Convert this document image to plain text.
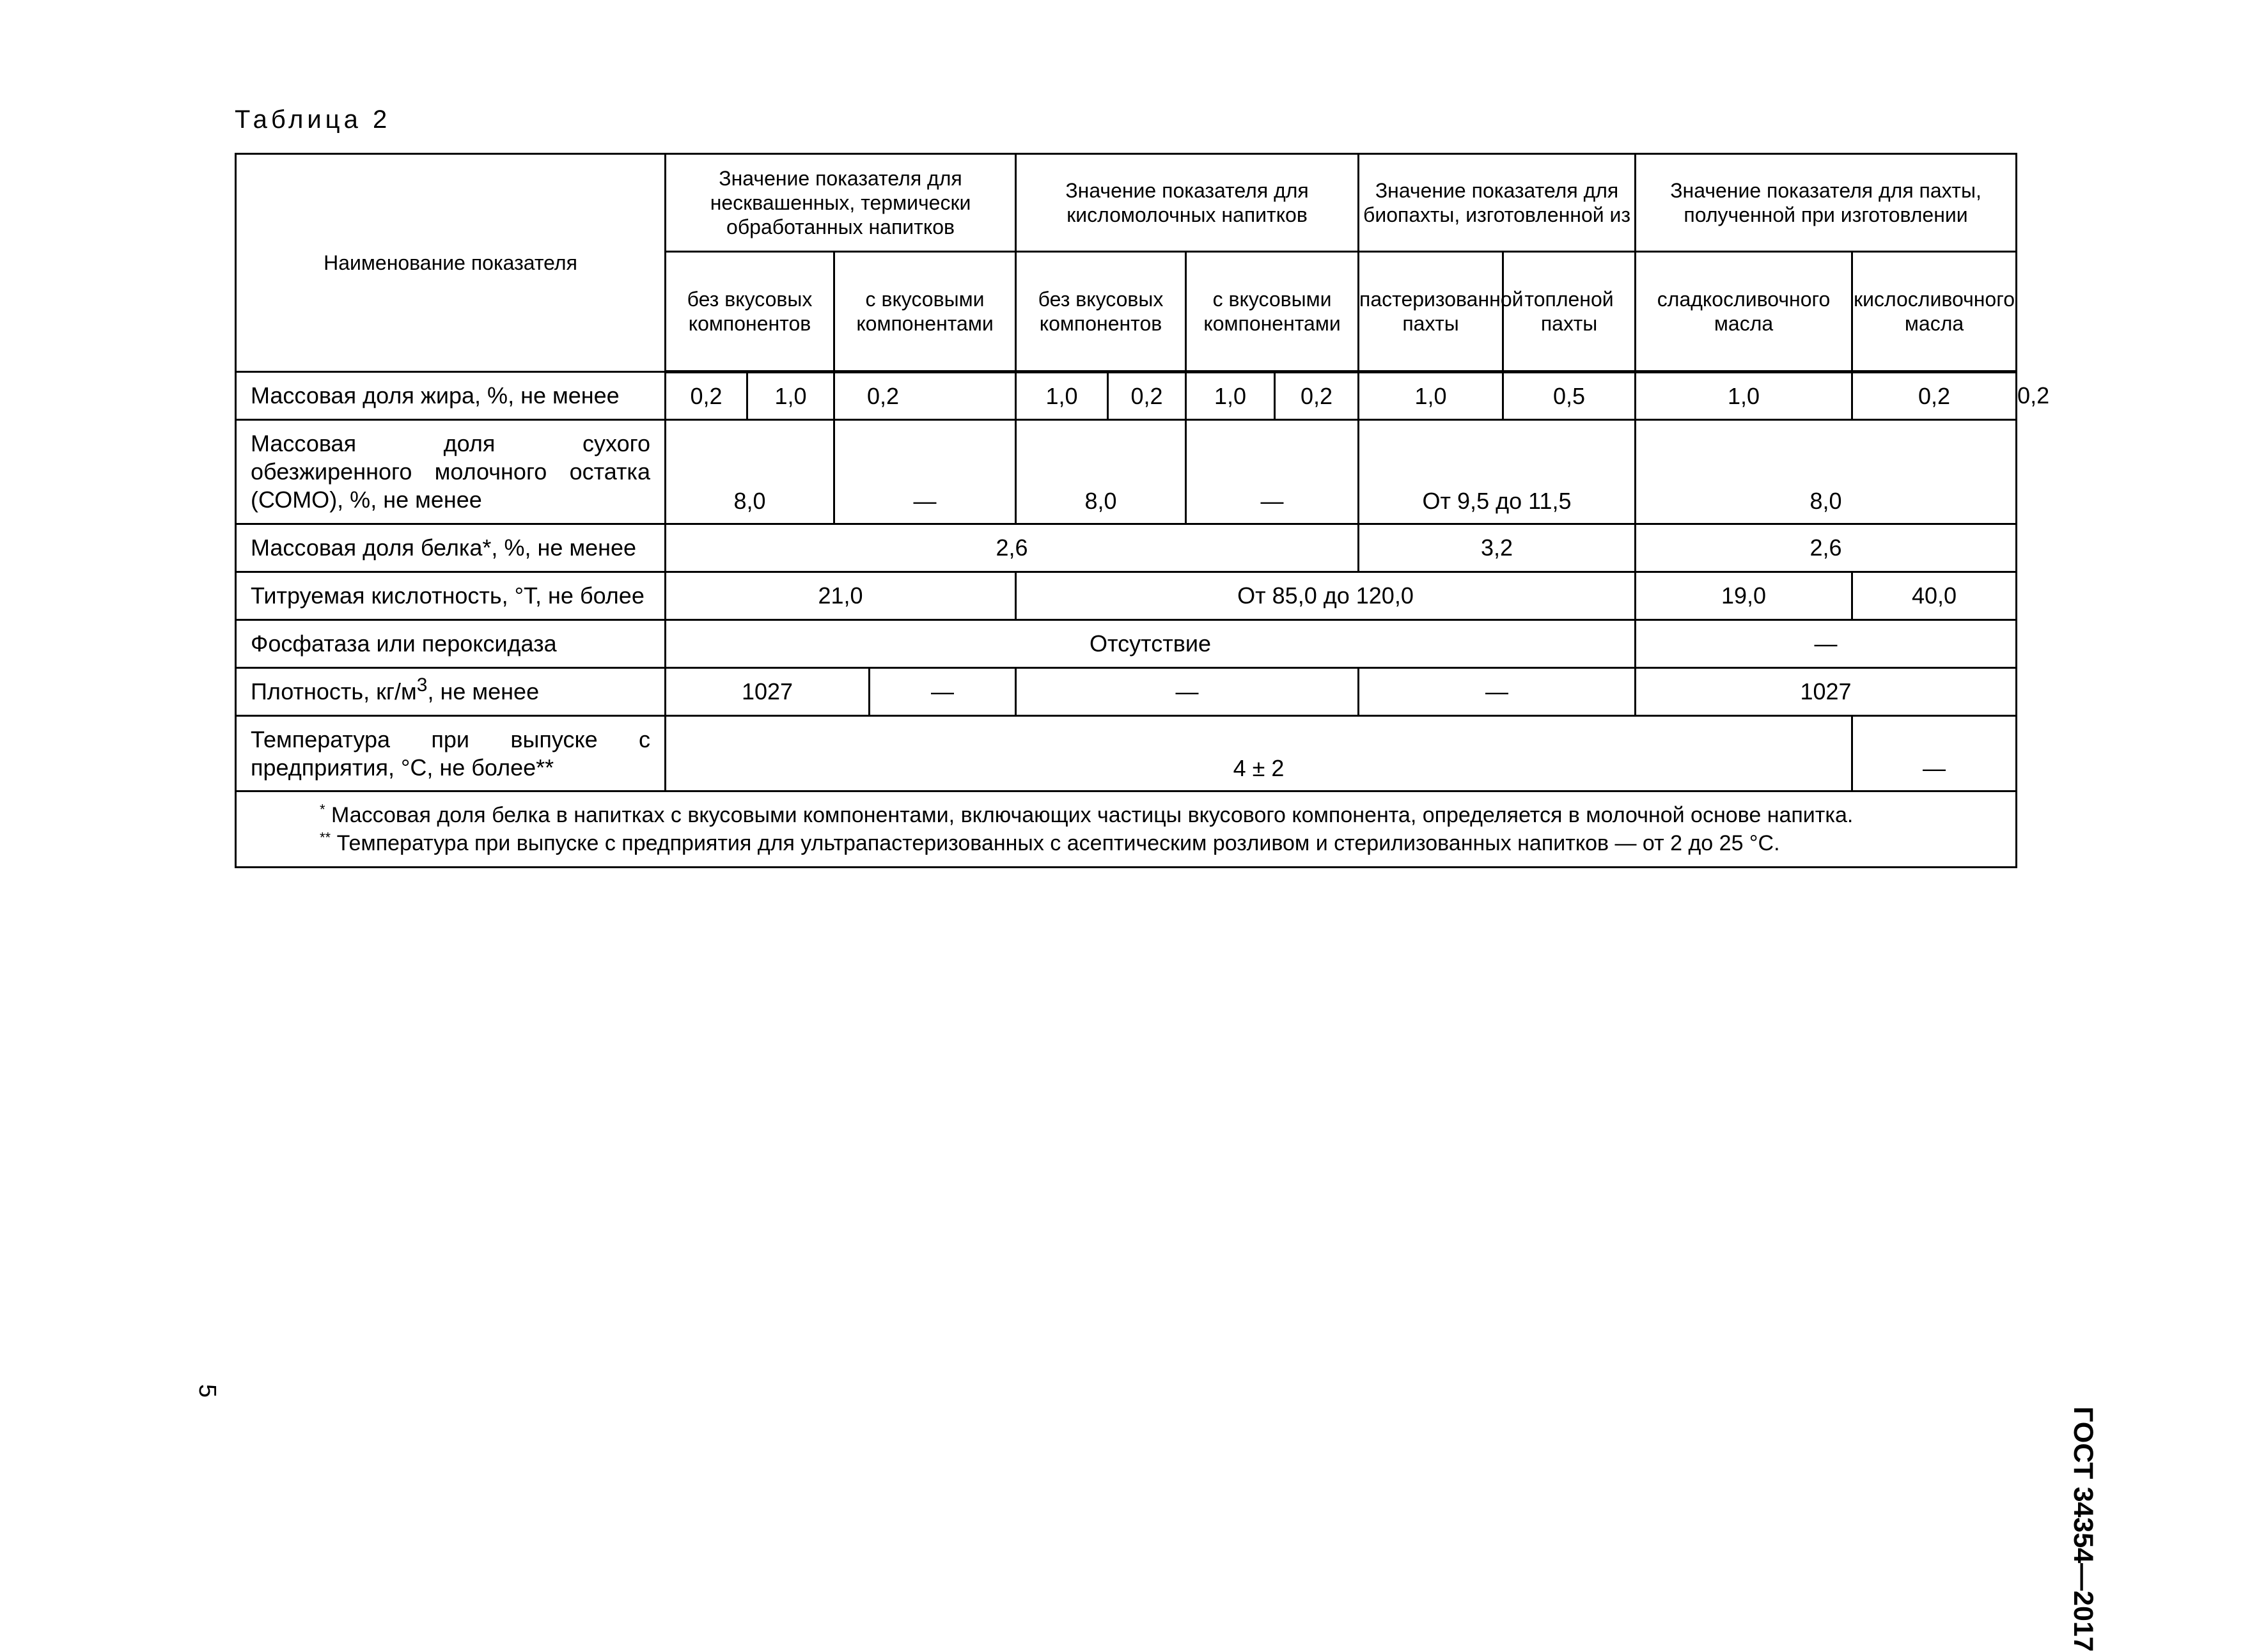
Таблица 2
Наименование показателя	Значение показателя для несквашенных, термически обработанных напитков				Значение показателя для кисломолочных напитков				Значение показателя для биопахты, изготовленной из		Значение показателя для пахты, полученной при изготовлении		
	без вкусовых компонентов		с вкусовыми компонентами		без вкусовых компонентов		с вкусовыми компонентами		пастеризованной пахты	топленой пахты	сладкосливочного масла	кислосливочного масла	
Массовая доля жира, %, не менее	0,2	1,0	0,2		1,0	0,2	1,0	0,2	1,0	0,5	1,0	0,2	0,2
Массовая доля сухого обезжиренного молочного остатка (СОМО), %, не менее	8,0		—		8,0		—		От 9,5 до 11,5		8,0		
Массовая доля белка*, %, не менее	2,6								3,2		2,6		
Титруемая кислотность, °Т, не более	21,0				От 85,0 до 120,0						19,0	40,0	
Фосфатаза или пероксидаза	Отсутствие										—		
Плотность, $кг/м^3$, не менее	1027			—	—				—		1027		
Температура при выпуске с предприятия, °С, не более**	4 ± 2											—	

* Массовая доля белка в напитках с вкусовыми компонентами, включающих частицы вкусового компонента, определяется в молочной основе напитка.
** Температура при выпуске с предприятия для ультрапастеризованных с асептическим розливом и стерилизованных напитков — от 2 до 25 °С.													
ГОСТ 34354—2017
5
